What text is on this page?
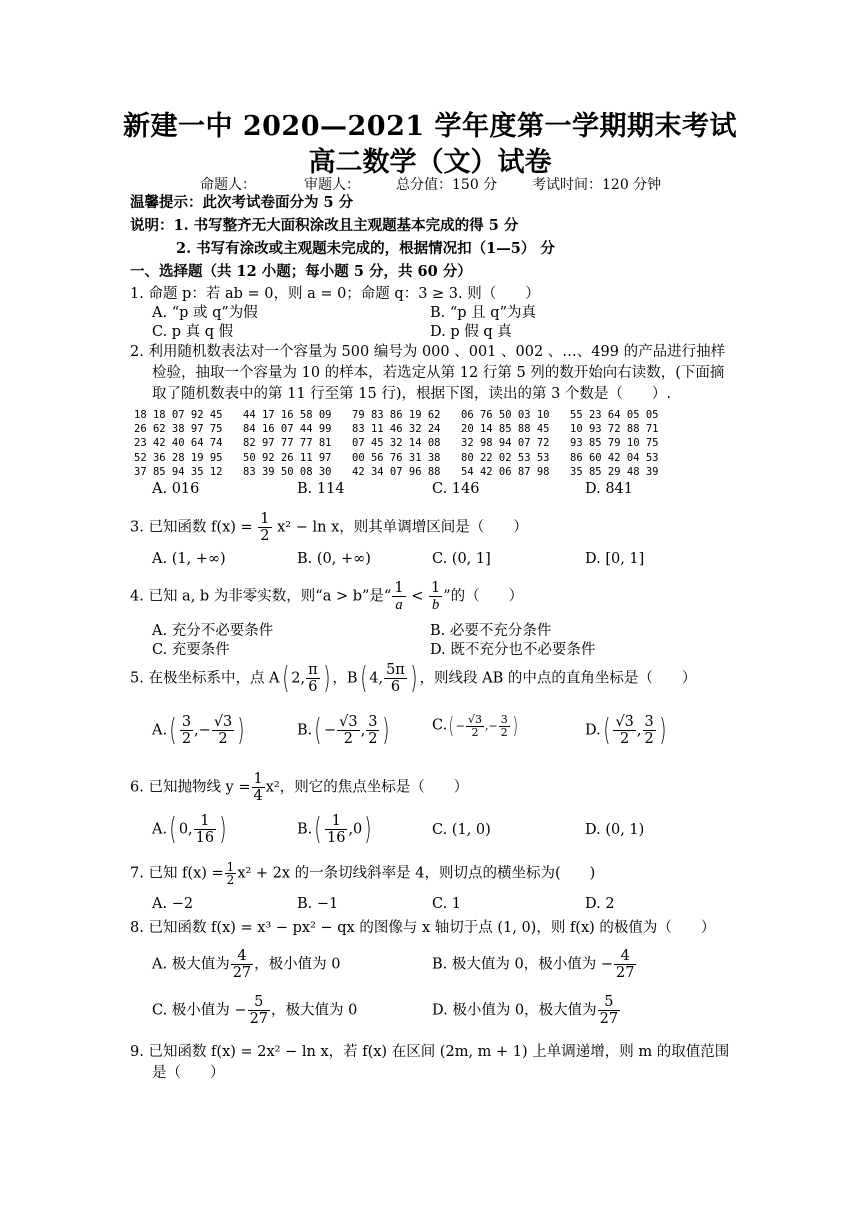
新建一中 2020—2021 学年度第一学期期末考试
高二数学（文）试卷
命题人：	审题人：	总分值：150 分 考试时间：120 分钟
温馨提示：此次考试卷面分为 5 分
说明：1. 书写整齐无大面积涂改且主观题基本完成的得 5 分
2. 书写有涂改或主观题未完成的，根据情况扣（1—5） 分
一、选择题（共 12 小题；每小题 5 分，共 60 分）
1. 命题 p：若 ab = 0，则 a = 0；命题 q：3 ≥ 3. 则（　　）
A. “p 或 q”为假	B. “p 且 q”为真
C. p 真 q 假	D. p 假 q 真
2. 利用随机数表法对一个容量为 500 编号为 000 、001 、002 、…、499 的产品进行抽样
检验，抽取一个容量为 10 的样本，若选定从第 12 行第 5 列的数开始向右读数，(下面摘
取了随机数表中的第 11 行至第 15 行)，根据下图，读出的第 3 个数是（　　）.
18 18 07 92 45 44 17 16 58 09 79 83 86 19 62 06 76 50 03 10 55 23 64 05 05
26 62 38 97 75 84 16 07 44 99 83 11 46 32 24 20 14 85 88 45 10 93 72 88 71
23 42 40 64 74 82 97 77 77 81 07 45 32 14 08 32 98 94 07 72 93 85 79 10 75
52 36 28 19 95 50 92 26 11 97 00 56 76 31 38 80 22 02 53 53 86 60 42 04 53
37 85 94 35 12 83 39 50 08 30 42 34 07 96 88 54 42 06 87 98 35 85 29 48 39
A. 016	B. 114	C. 146	D. 841
3. 已知函数 $f(x) = \frac{1}{2} x^2 - \ln x$，则其单调增区间是（　　）
A. (1, +∞)	B. (0, +∞)	C. (0, 1]	D. [0, 1]
4. 已知 a, b 为非零实数，则“a > b”是“ $\frac{1}{a} < \frac{1}{b}$ ”的（　　）
A. 充分不必要条件	B. 必要不充分条件
C. 充要条件	D. 既不充分也不必要条件
5. 在极坐标系中，点 A( 2, $\frac{\pi}{6}$ ) ，B( 4, $\frac{5\pi}{6}$ ) ，则线段 AB 的中点的直角坐标是（　　）
$A.( \frac{3}{2}$ ,− $\frac{√3}{2}$ )	$B.( - \frac{√3}{2}$ , $\frac{3}{2}$ )	$C.( - \frac{√3}{2}$ ,− $\frac{3}{2}$ )	$D.( \frac{√3}{2}$ , $\frac{3}{2}$ )
6. 已知抛物线 $y = \frac{1}{4} x^2$，则它的焦点坐标是（　　）
A.( 0, $\frac{1}{16}$ )	$B.( \frac{1}{16} ,0)$	C. (1, 0)	D. (0, 1)
7. 已知 $f(x) = \frac{1}{2} x^2 + 2x$ 的一条切线斜率是 4，则切点的横坐标为(　　)
A. −2	B. −1	C. 1	D. 2
8. 已知函数 f(x) = x³ − px² − qx 的图像与 x 轴切于点 (1, 0)，则 f(x) 的极值为（　　）
A. 极大值为 $\frac{4}{27}$ ，极小值为 0	B. 极大值为 0，极小值为 − $\frac{4}{27}$
C. 极小值为 − $\frac{5}{27}$ ，极大值为 0	D. 极小值为 0，极大值为 $\frac{5}{27}$
9. 已知函数 f(x) = 2x² − ln x，若 f(x) 在区间 (2m, m + 1) 上单调递增，则 m 的取值范围
是（　　）
